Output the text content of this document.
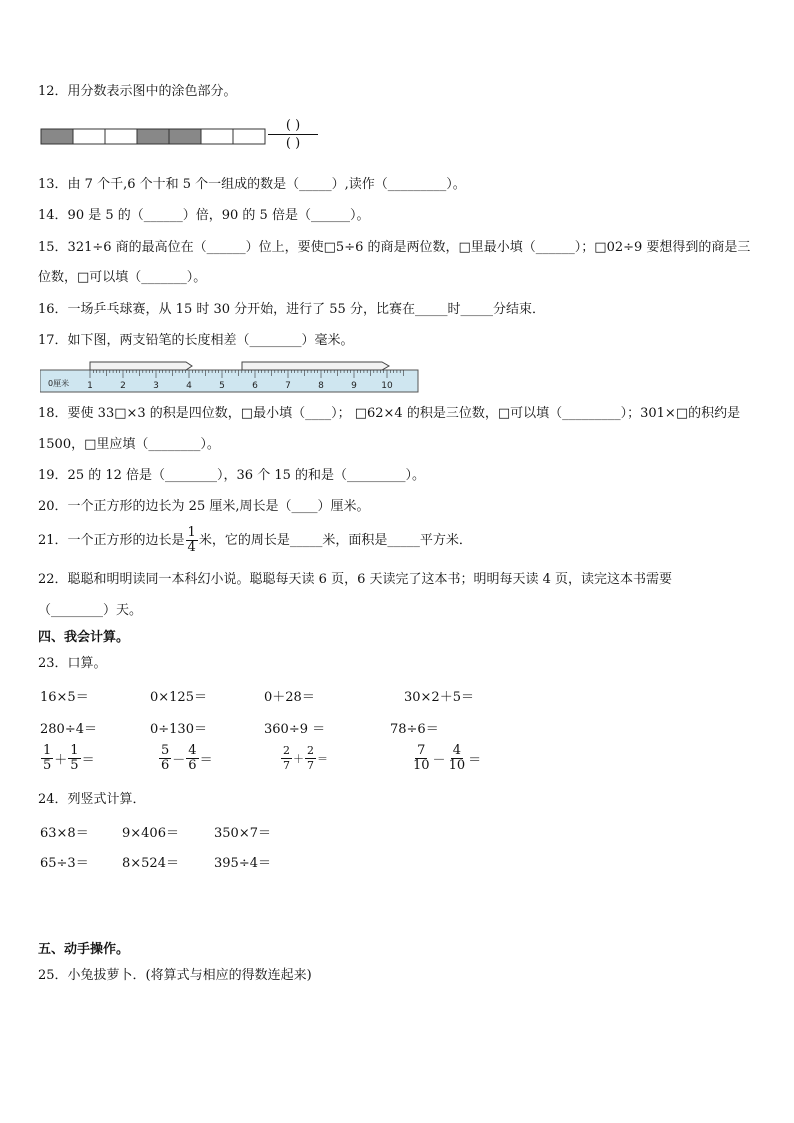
12．用分数表示图中的涂色部分。
( )
( )
13．由 7 个千,6 个十和 5 个一组成的数是（_____）,读作（_________）。
14．90 是 5 的（______）倍，90 的 5 倍是（______）。
15．321÷6 商的最高位在（______）位上，要使□5÷6 的商是两位数，□里最小填（______）；□02÷9 要想得到的商是三
位数，□可以填（_______）。
16．一场乒乓球赛，从 15 时 30 分开始，进行了 55 分，比赛在_____时_____分结束．
17．如下图，两支铅笔的长度相差（________）毫米。
1	2	3	4	5	6	7	8	9	10
0厘米
18．要使 33□×3 的积是四位数，□最小填（____）； □62×4 的积是三位数，□可以填（_________）；301×□的积约是
1500，□里应填（________）。
19．25 的 12 倍是（________），36 个 15 的和是（_________）。
20．一个正方形的边长为 25 厘米,周长是（____）厘米。
21．一个正方形的边长是 $\frac{1}{4}$ 米，它的周长是_____米，面积是_____平方米．
22．聪聪和明明读同一本科幻小说。聪聪每天读 6 页，6 天读完了这本书；明明每天读 4 页，读完这本书需要
（________）天。
四、我会计算。
23．口算。
16×5＝	0×125＝	0＋28＝	30×2＋5＝
280÷4＝	0÷130＝	360÷9 ＝	78÷6＝
$\frac{1}{5} + \frac{1}{5}$ ＝	$\frac{5}{6} - \frac{4}{6}$ ＝	$\frac{2}{7} + \frac{2}{7}$ ＝	$\frac{7}{10} - \frac{4}{10}$ ＝
24．列竖式计算．
63×8＝	9×406＝	350×7＝
65÷3＝	8×524＝	395÷4＝
五、动手操作。
25．小兔拔萝卜．(将算式与相应的得数连起来)
